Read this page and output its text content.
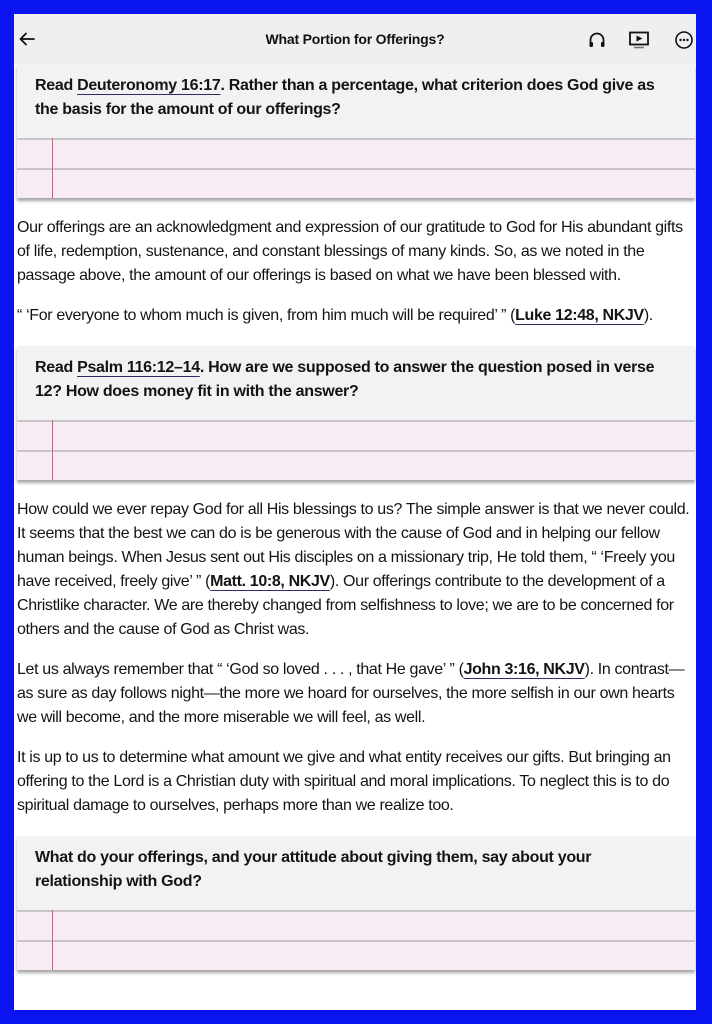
What Portion for Offerings?
Read Deuteronomy 16:17. Rather than a percentage, what criterion does God give as the basis for the amount of our offerings?

Our offerings are an acknowledgment and expression of our gratitude to God for His abundant gifts of life, redemption, sustenance, and constant blessings of many kinds. So, as we noted in the passage above, the amount of our offerings is based on what we have been blessed with.

“ ‘For everyone to whom much is given, from him much will be required’ ” (Luke 12:48, NKJV).

Read Psalm 116:12–14. How are we supposed to answer the question posed in verse 12? How does money fit in with the answer?

How could we ever repay God for all His blessings to us? The simple answer is that we never could. It seems that the best we can do is be generous with the cause of God and in helping our fellow human beings. When Jesus sent out His disciples on a missionary trip, He told them, “ ‘Freely you have received, freely give’ ” (Matt. 10:8, NKJV). Our offerings contribute to the development of a Christlike character. We are thereby changed from selfishness to love; we are to be concerned for others and the cause of God as Christ was.

Let us always remember that “ ‘God so loved . . . , that He gave’ ” (John 3:16, NKJV). In contrast—as sure as day follows night—the more we hoard for ourselves, the more selfish in our own hearts we will become, and the more miserable we will feel, as well.

It is up to us to determine what amount we give and what entity receives our gifts. But bringing an offering to the Lord is a Christian duty with spiritual and moral implications. To neglect this is to do spiritual damage to ourselves, perhaps more than we realize too.

What do your offerings, and your attitude about giving them, say about your relationship with God?
